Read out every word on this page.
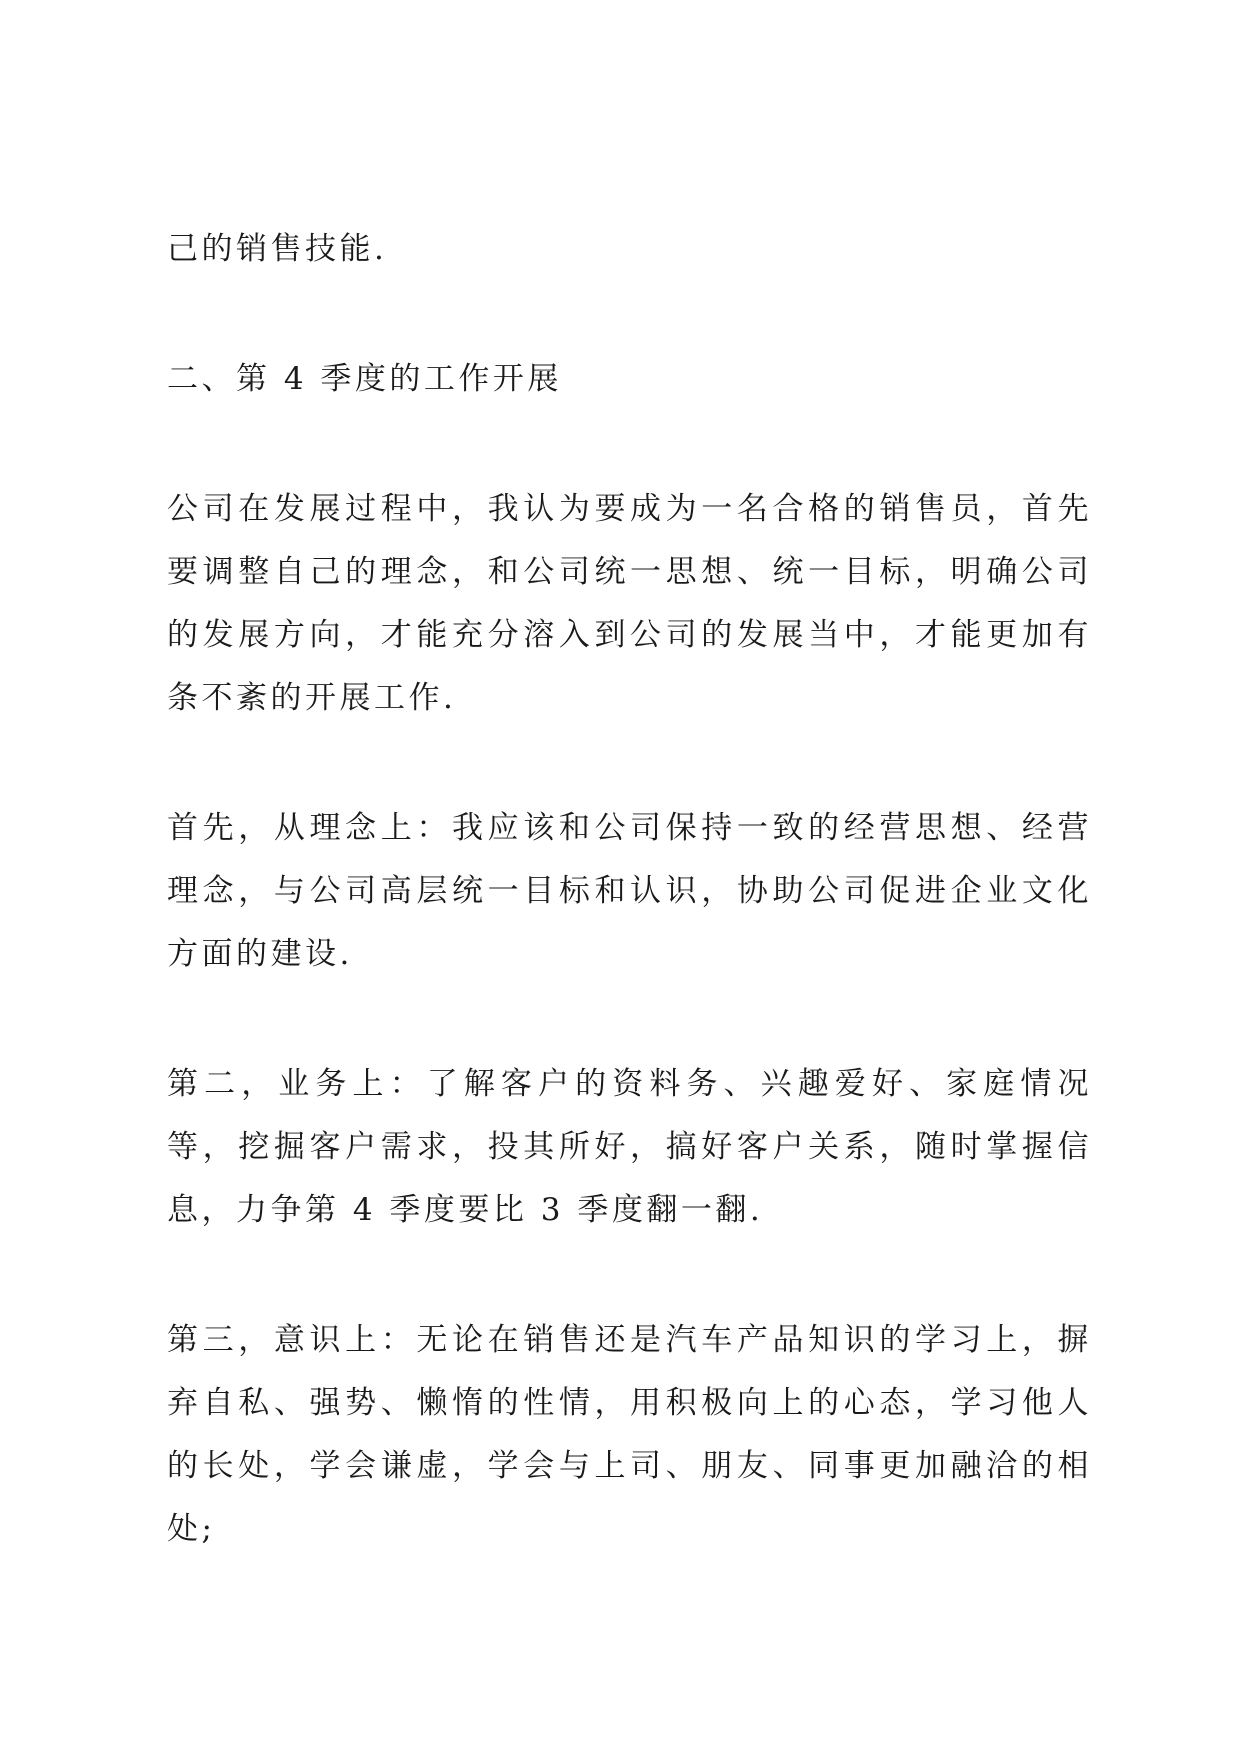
己的销售技能.

二、第 4 季度的工作开展

公司在发展过程中，我认为要成为一名合格的销售员，首先要调整自己的理念，和公司统一思想、统一目标，明确公司的发展方向，才能充分溶入到公司的发展当中，才能更加有条不紊的开展工作.

首先，从理念上：我应该和公司保持一致的经营思想、经营理念，与公司高层统一目标和认识，协助公司促进企业文化方面的建设.

第二，业务上：了解客户的资料务、兴趣爱好、家庭情况等，挖掘客户需求，投其所好，搞好客户关系，随时掌握信息，力争第 4 季度要比 3 季度翻一翻.

第三，意识上：无论在销售还是汽车产品知识的学习上，摒弃自私、强势、懒惰的性情，用积极向上的心态，学习他人的长处，学会谦虚，学会与上司、朋友、同事更加融洽的相处;
